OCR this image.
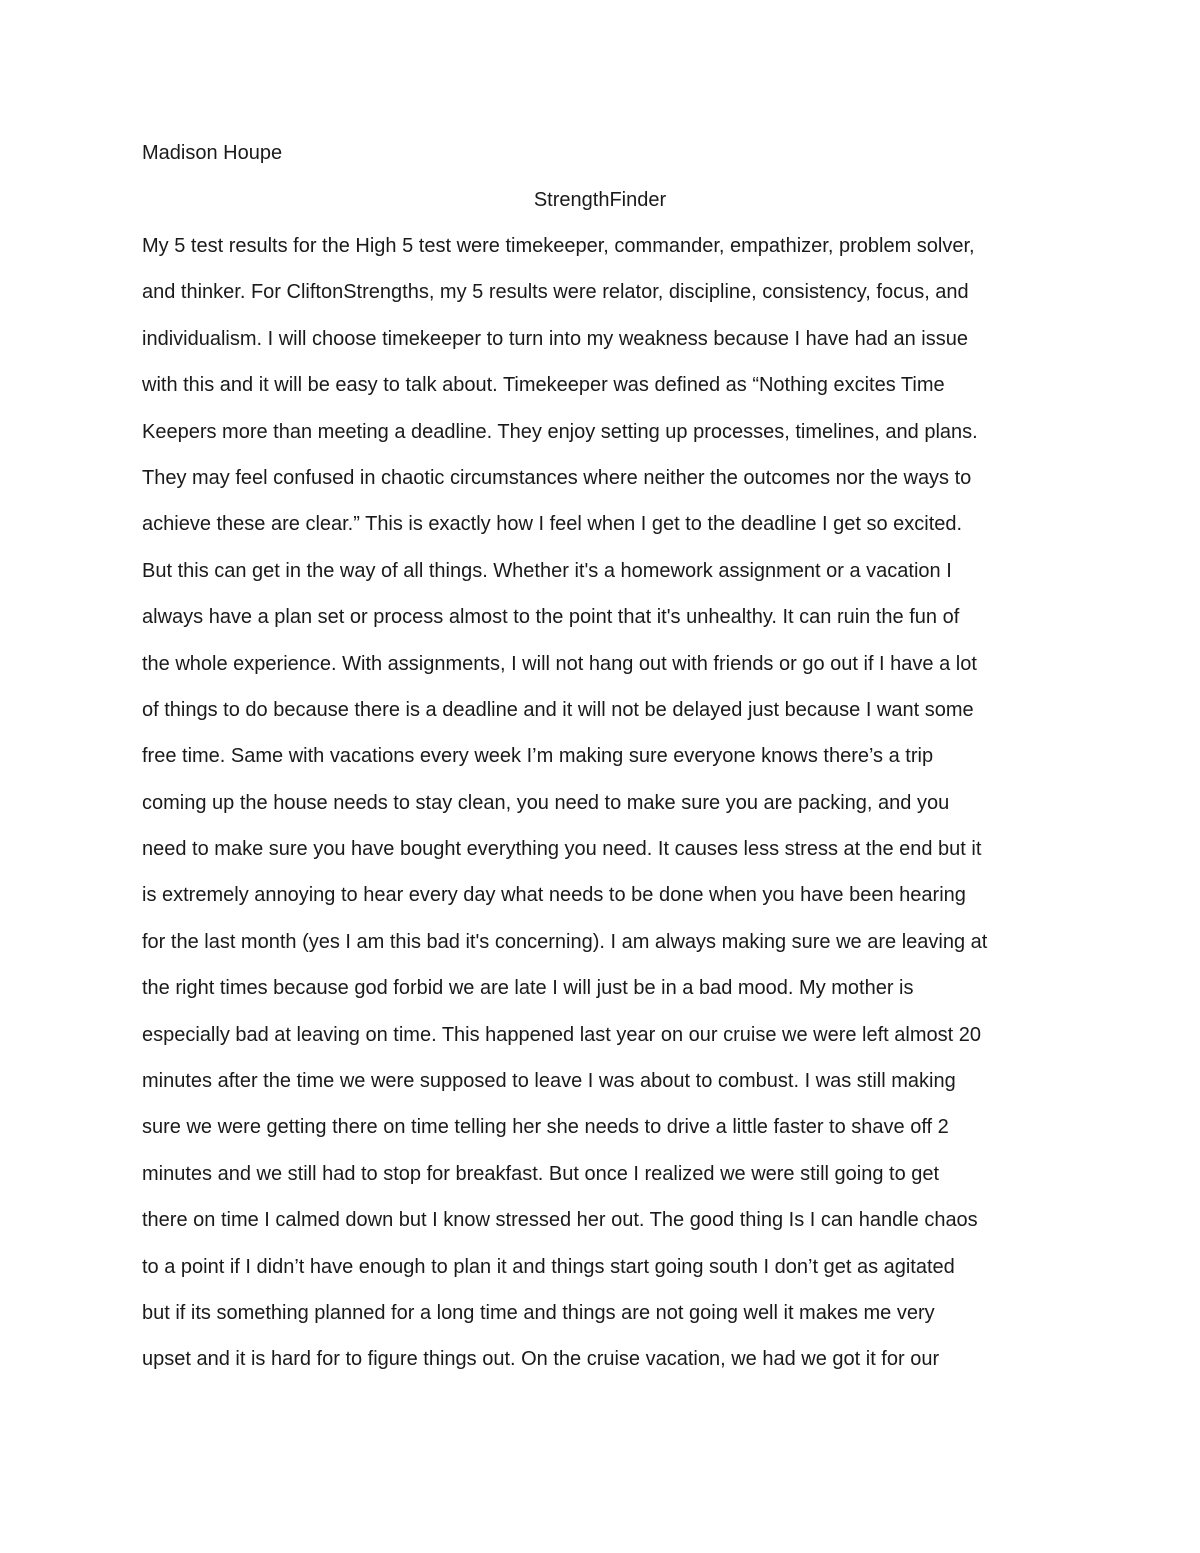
Madison Houpe
StrengthFinder
My 5 test results for the High 5 test were timekeeper, commander, empathizer, problem solver,
and thinker. For CliftonStrengths, my 5 results were relator, discipline, consistency, focus, and
individualism. I will choose timekeeper to turn into my weakness because I have had an issue
with this and it will be easy to talk about. Timekeeper was defined as “Nothing excites Time
Keepers more than meeting a deadline. They enjoy setting up processes, timelines, and plans.
They may feel confused in chaotic circumstances where neither the outcomes nor the ways to
achieve these are clear.” This is exactly how I feel when I get to the deadline I get so excited.
But this can get in the way of all things. Whether it's a homework assignment or a vacation I
always have a plan set or process almost to the point that it's unhealthy. It can ruin the fun of
the whole experience. With assignments, I will not hang out with friends or go out if I have a lot
of things to do because there is a deadline and it will not be delayed just because I want some
free time. Same with vacations every week I’m making sure everyone knows there’s a trip
coming up the house needs to stay clean, you need to make sure you are packing, and you
need to make sure you have bought everything you need. It causes less stress at the end but it
is extremely annoying to hear every day what needs to be done when you have been hearing
for the last month (yes I am this bad it's concerning). I am always making sure we are leaving at
the right times because god forbid we are late I will just be in a bad mood. My mother is
especially bad at leaving on time. This happened last year on our cruise we were left almost 20
minutes after the time we were supposed to leave I was about to combust. I was still making
sure we were getting there on time telling her she needs to drive a little faster to shave off 2
minutes and we still had to stop for breakfast. But once I realized we were still going to get
there on time I calmed down but I know stressed her out. The good thing Is I can handle chaos
to a point if I didn’t have enough to plan it and things start going south I don’t get as agitated
but if its something planned for a long time and things are not going well it makes me very
upset and it is hard for to figure things out. On the cruise vacation, we had we got it for our
